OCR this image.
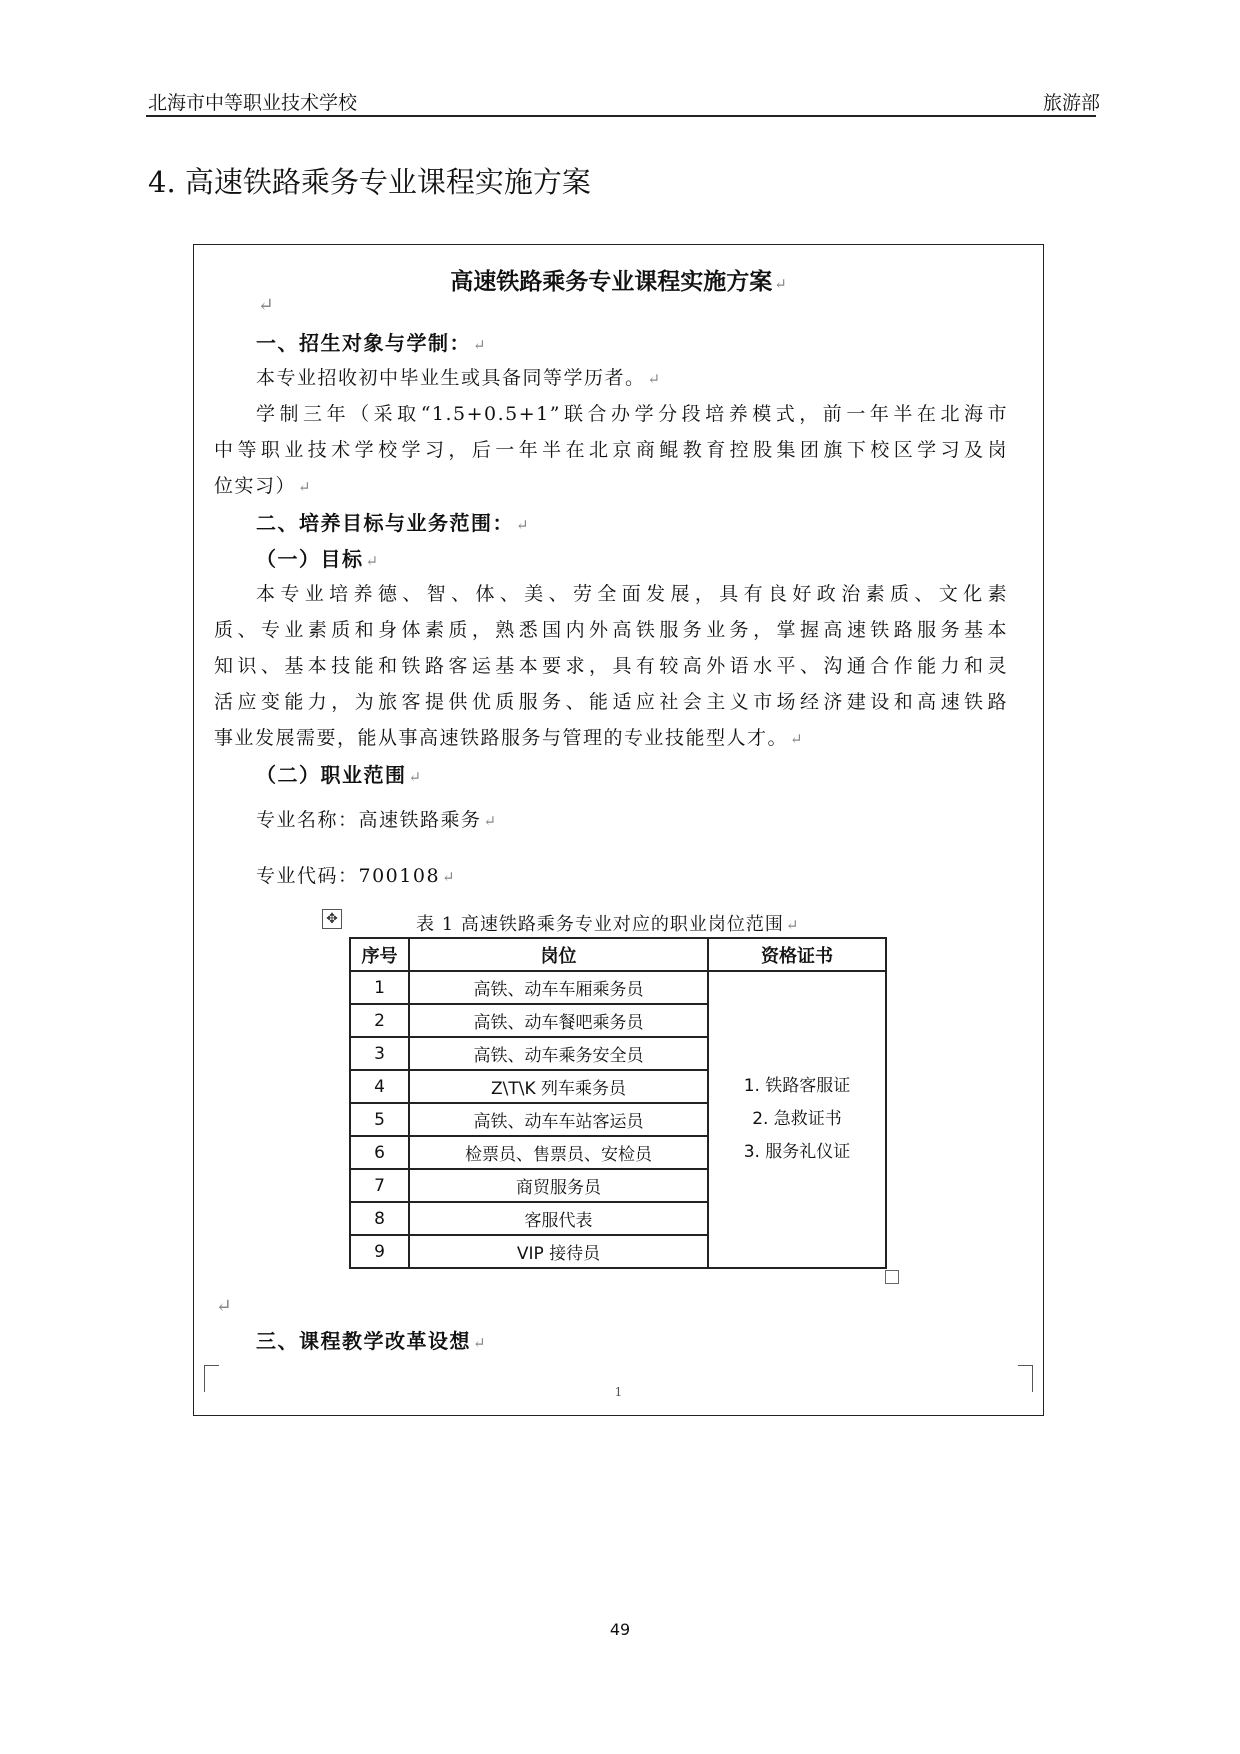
北海市中等职业技术学校	旅游部
4. 高速铁路乘务专业课程实施方案
高速铁路乘务专业课程实施方案 ↵
↵
一、招生对象与学制： ↵
本专业招收初中毕业生或具备同等学历者。 ↵
学制三年（采取“1.5+0.5+1”联合办学分段培养模式，前一年半在北海市
中等职业技术学校学习，后一年半在北京商鲲教育控股集团旗下校区学习及岗
位实习） ↵
二、培养目标与业务范围： ↵
（一）目标 ↵
本专业培养德、智、体、美、劳全面发展，具有良好政治素质、文化素
质、专业素质和身体素质，熟悉国内外高铁服务业务，掌握高速铁路服务基本
知识、基本技能和铁路客运基本要求，具有较高外语水平、沟通合作能力和灵
活应变能力，为旅客提供优质服务、能适应社会主义市场经济建设和高速铁路
事业发展需要，能从事高速铁路服务与管理的专业技能型人才。 ↵
（二）职业范围 ↵
专业名称：高速铁路乘务 ↵
专业代码：700108 ↵
✥	表 1 高速铁路乘务专业对应的职业岗位范围 ↵
序号	岗位	资格证书
1	高铁、动车车厢乘务员	1. 铁路客服证
2. 急救证书
3. 服务礼仪证

2	高铁、动车餐吧乘务员	
3	高铁、动车乘务安全员	
4	Z\T\K 列车乘务员	
5	高铁、动车车站客运员	
6	检票员、售票员、安检员	
7	商贸服务员	
8	客服代表	
9	VIP 接待员	
↵
三、课程教学改革设想 ↵
1
49
